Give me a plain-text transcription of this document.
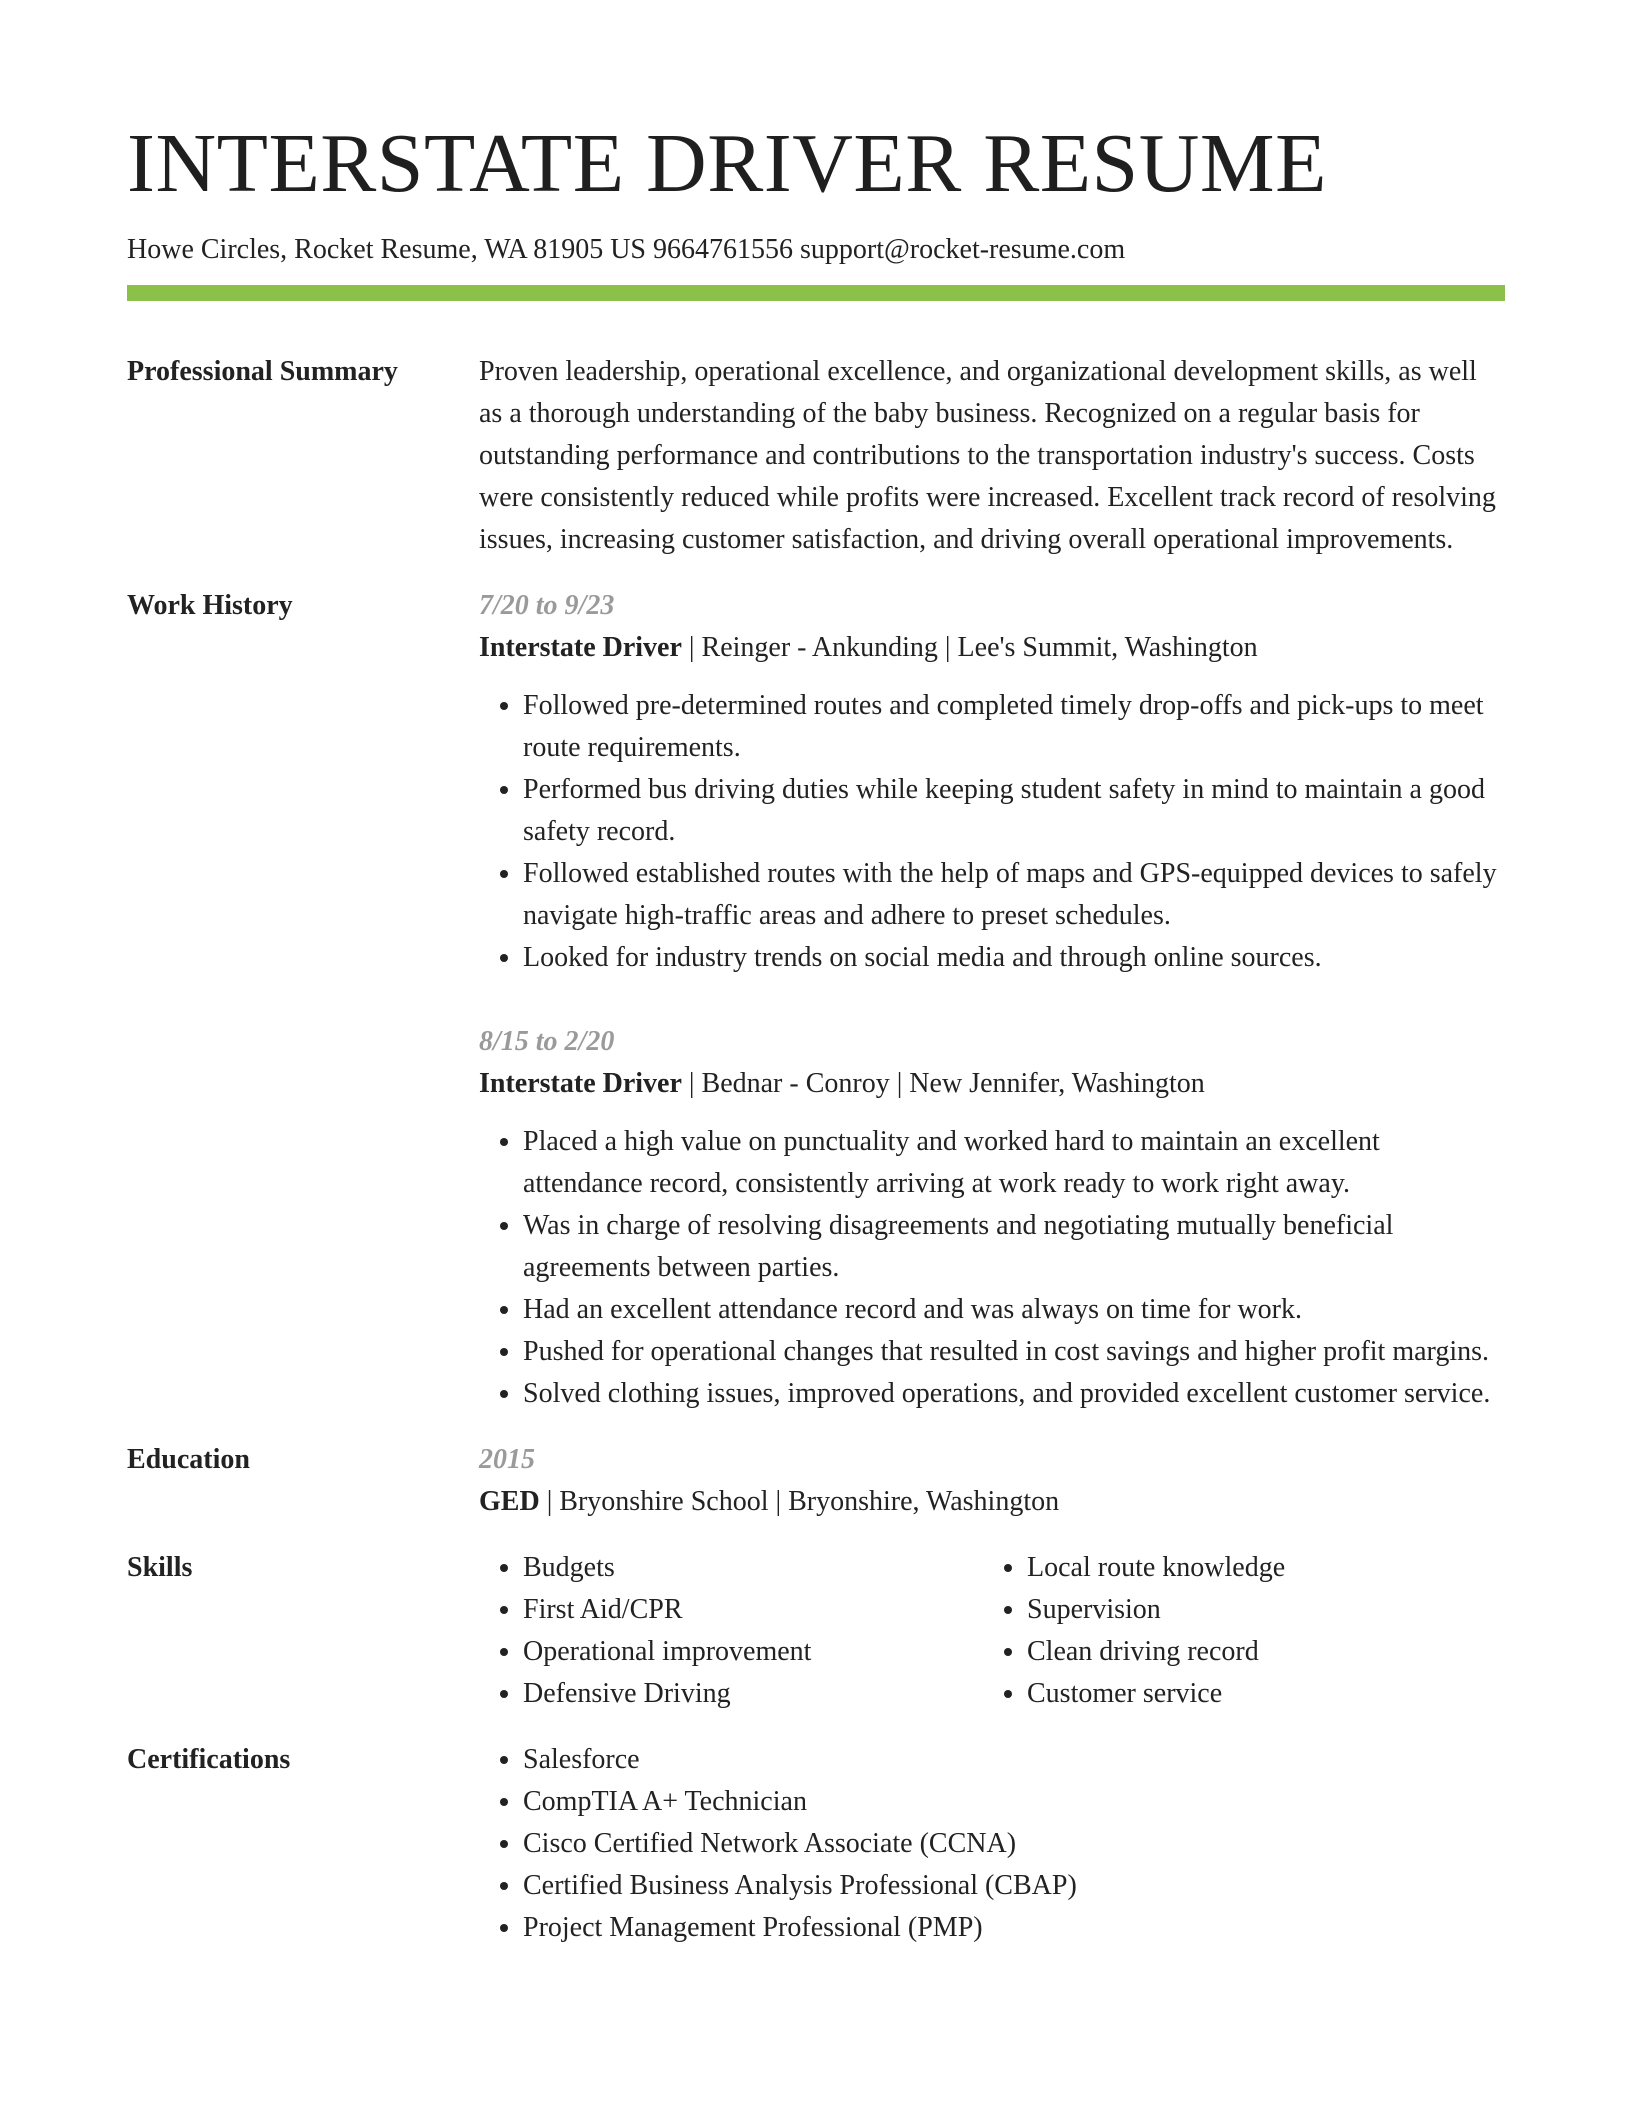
INTERSTATE DRIVER RESUME
Howe Circles, Rocket Resume, WA 81905 US 9664761556 support@rocket-resume.com
Professional Summary	Proven leadership, operational excellence, and organizational development skills, as well as a thorough understanding of the baby business. Recognized on a regular basis for outstanding performance and contributions to the transportation industry's success. Costs were consistently reduced while profits were increased. Excellent track record of resolving issues, increasing customer satisfaction, and driving overall operational improvements.

Work History	7/20 to 9/23
Interstate Driver | Reinger - Ankunding | Lee's Summit, Washington
• Followed pre-determined routes and completed timely drop-offs and pick-ups to meet route requirements.
• Performed bus driving duties while keeping student safety in mind to maintain a good safety record.
• Followed established routes with the help of maps and GPS-equipped devices to safely navigate high-traffic areas and adhere to preset schedules.
• Looked for industry trends on social media and through online sources.
8/15 to 2/20
Interstate Driver | Bednar - Conroy | New Jennifer, Washington
• Placed a high value on punctuality and worked hard to maintain an excellent attendance record, consistently arriving at work ready to work right away.
• Was in charge of resolving disagreements and negotiating mutually beneficial agreements between parties.
• Had an excellent attendance record and was always on time for work.
• Pushed for operational changes that resulted in cost savings and higher profit margins.
• Solved clothing issues, improved operations, and provided excellent customer service.
Education	2015
GED | Bryonshire School | Bryonshire, Washington
Skills	• Budgets
• First Aid/CPR
• Operational improvement
• Defensive Driving
• Local route knowledge
• Supervision
• Clean driving record
• Customer service
Certifications	• Salesforce
• CompTIA A+ Technician
• Cisco Certified Network Associate (CCNA)
• Certified Business Analysis Professional (CBAP)
• Project Management Professional (PMP)
